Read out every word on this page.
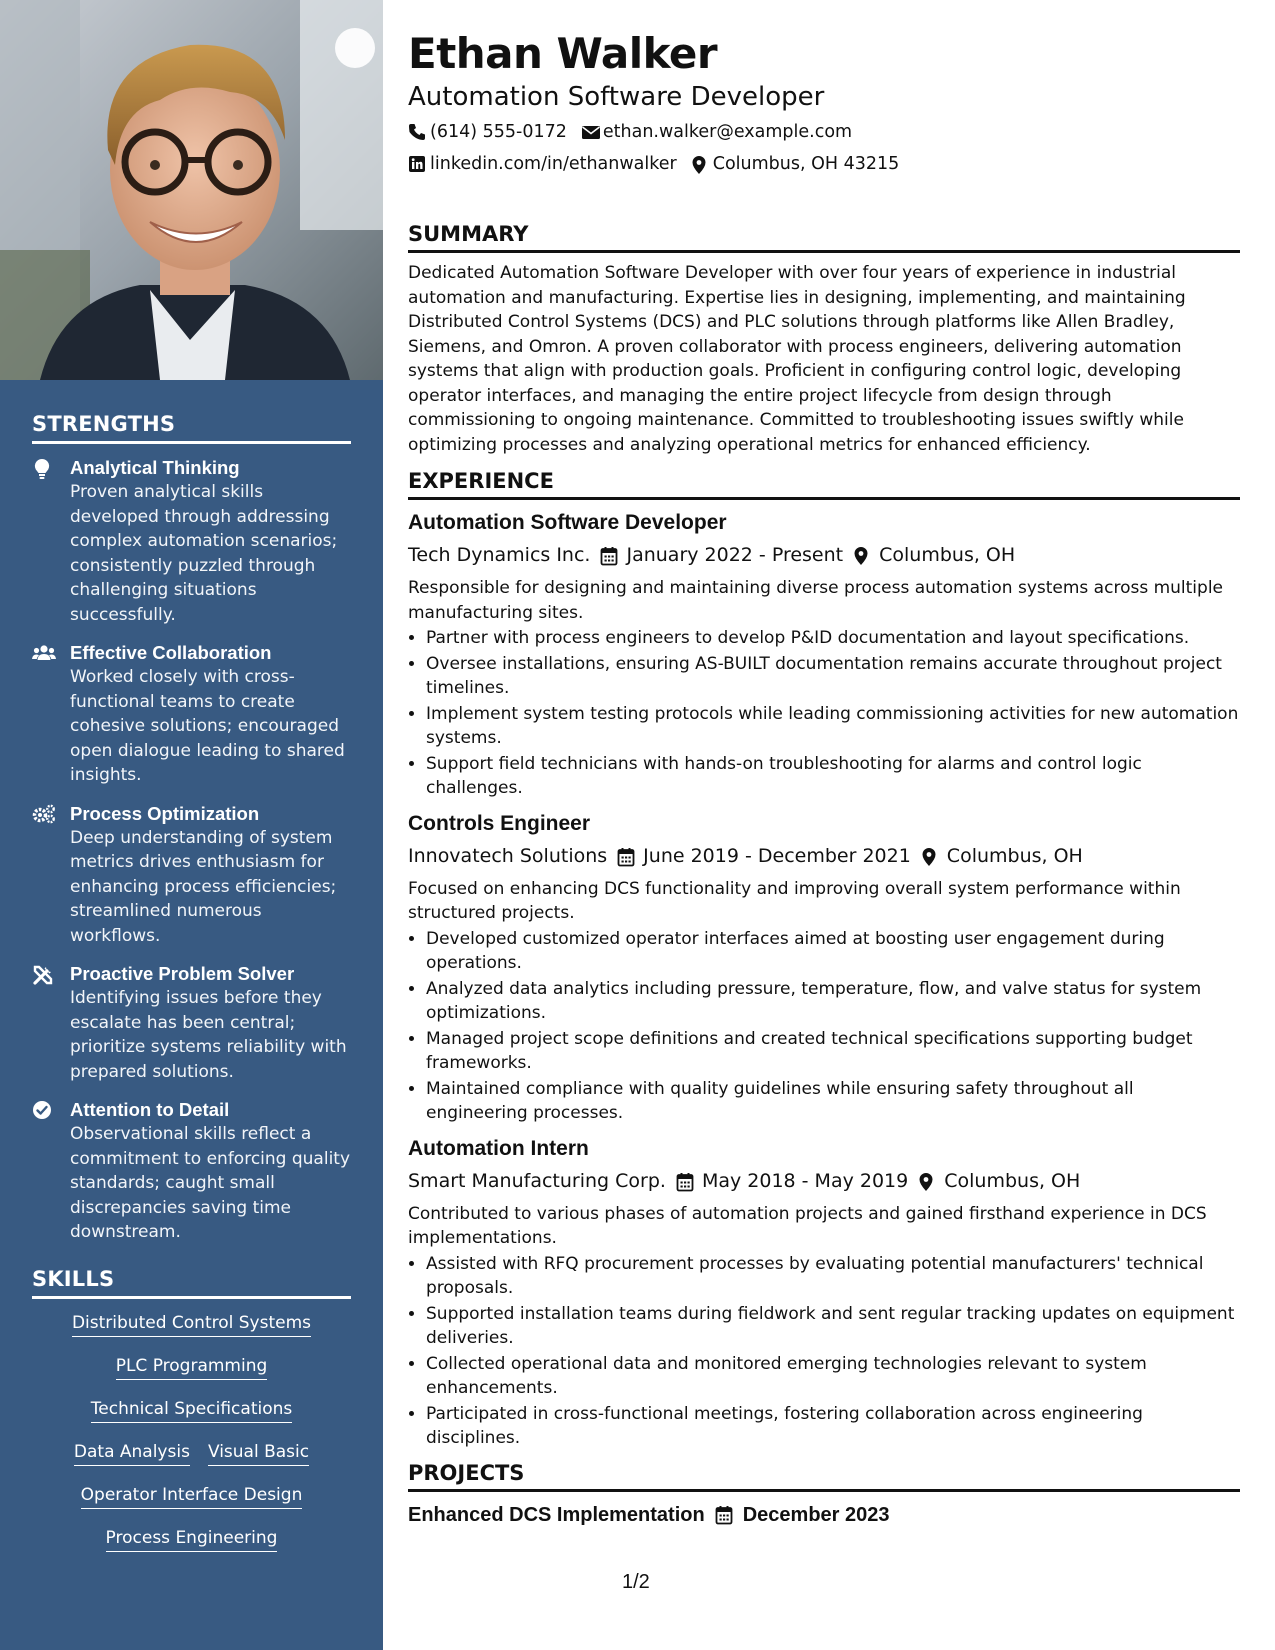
STRENGTHS
Analytical Thinking
Proven analytical skills developed through addressing complex automation scenarios; consistently puzzled through challenging situations successfully.
Effective Collaboration
Worked closely with cross-functional teams to create cohesive solutions; encouraged open dialogue leading to shared insights.
Process Optimization
Deep understanding of system metrics drives enthusiasm for enhancing process efficiencies; streamlined numerous workflows.
Proactive Problem Solver
Identifying issues before they escalate has been central; prioritize systems reliability with prepared solutions.
Attention to Detail
Observational skills reflect a commitment to enforcing quality standards; caught small discrepancies saving time downstream.
SKILLS
Distributed Control Systems
PLC Programming
Technical Specifications
Data Analysis Visual Basic
Operator Interface Design
Process Engineering
Ethan Walker
Automation Software Developer
(614) 555-0172 ethan.walker@example.com
linkedin.com/in/ethanwalker Columbus, OH 43215
SUMMARY
Dedicated Automation Software Developer with over four years of experience in industrial automation and manufacturing. Expertise lies in designing, implementing, and maintaining Distributed Control Systems (DCS) and PLC solutions through platforms like Allen Bradley, Siemens, and Omron. A proven collaborator with process engineers, delivering automation systems that align with production goals. Proficient in configuring control logic, developing operator interfaces, and managing the entire project lifecycle from design through commissioning to ongoing maintenance. Committed to troubleshooting issues swiftly while optimizing processes and analyzing operational metrics for enhanced efficiency.
EXPERIENCE
Automation Software Developer
Tech Dynamics Inc. January 2022 - Present Columbus, OH
Responsible for designing and maintaining diverse process automation systems across multiple manufacturing sites.
• Partner with process engineers to develop P&ID documentation and layout specifications.
• Oversee installations, ensuring AS-BUILT documentation remains accurate throughout project timelines.
• Implement system testing protocols while leading commissioning activities for new automation systems.
• Support field technicians with hands-on troubleshooting for alarms and control logic challenges.
Controls Engineer
Innovatech Solutions June 2019 - December 2021 Columbus, OH
Focused on enhancing DCS functionality and improving overall system performance within structured projects.
• Developed customized operator interfaces aimed at boosting user engagement during operations.
• Analyzed data analytics including pressure, temperature, flow, and valve status for system optimizations.
• Managed project scope definitions and created technical specifications supporting budget frameworks.
• Maintained compliance with quality guidelines while ensuring safety throughout all engineering processes.
Automation Intern
Smart Manufacturing Corp. May 2018 - May 2019 Columbus, OH
Contributed to various phases of automation projects and gained firsthand experience in DCS implementations.
• Assisted with RFQ procurement processes by evaluating potential manufacturers' technical proposals.
• Supported installation teams during fieldwork and sent regular tracking updates on equipment deliveries.
• Collected operational data and monitored emerging technologies relevant to system enhancements.
• Participated in cross-functional meetings, fostering collaboration across engineering disciplines.
PROJECTS
Enhanced DCS Implementation December 2023
1/2
